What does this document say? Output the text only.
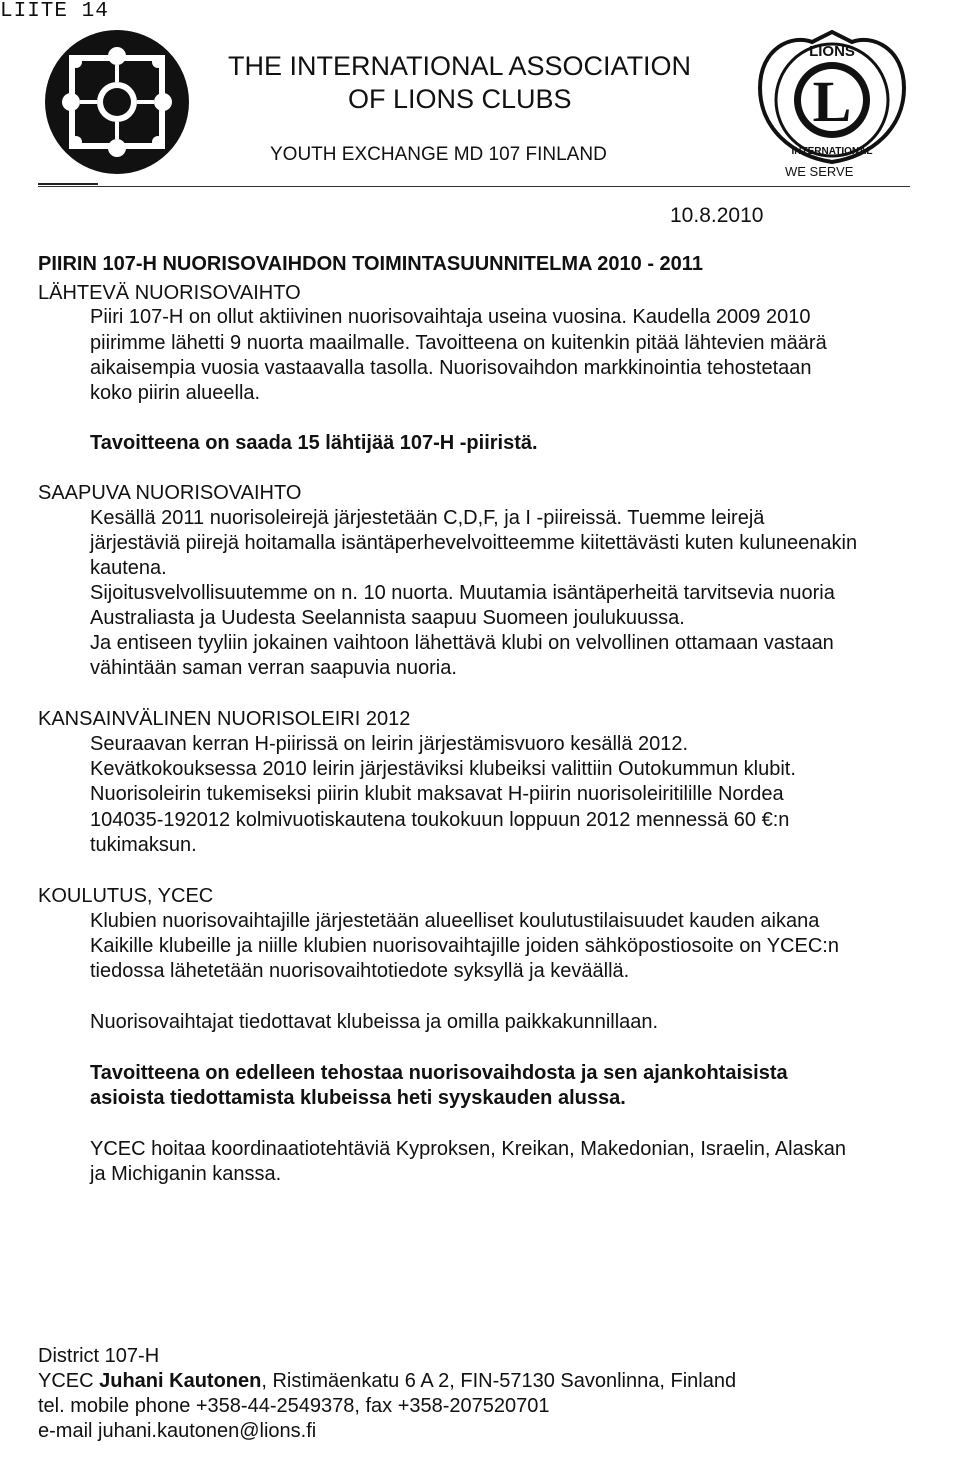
LIITE 14
THE INTERNATIONAL ASSOCIATION
OF LIONS CLUBS
YOUTH EXCHANGE MD 107 FINLAND
L
LIONS
INTERNATIONAL
WE SERVE
10.8.2010
PIIRIN 107-H NUORISOVAIHDON TOIMINTASUUNNITELMA 2010 - 2011
LÄHTEVÄ NUORISOVAIHTO
Piiri 107-H on ollut aktiivinen nuorisovaihtaja useina vuosina. Kaudella 2009 2010
piirimme lähetti 9 nuorta maailmalle. Tavoitteena on kuitenkin pitää lähtevien määrä
aikaisempia vuosia vastaavalla tasolla. Nuorisovaihdon markkinointia tehostetaan
koko piirin alueella.
Tavoitteena on saada 15 lähtijää 107-H -piiristä.
SAAPUVA NUORISOVAIHTO
Kesällä 2011 nuorisoleirejä järjestetään C,D,F, ja I -piireissä. Tuemme leirejä
järjestäviä piirejä hoitamalla isäntäperhevelvoitteemme kiitettävästi kuten kuluneenakin
kautena.
Sijoitusvelvollisuutemme on n. 10 nuorta. Muutamia isäntäperheitä tarvitsevia nuoria
Australiasta ja Uudesta Seelannista saapuu Suomeen joulukuussa.
Ja entiseen tyyliin jokainen vaihtoon lähettävä klubi on velvollinen ottamaan vastaan
vähintään saman verran saapuvia nuoria.
KANSAINVÄLINEN NUORISOLEIRI 2012
Seuraavan kerran H-piirissä on leirin järjestämisvuoro kesällä 2012.
Kevätkokouksessa 2010 leirin järjestäviksi klubeiksi valittiin Outokummun klubit.
Nuorisoleirin tukemiseksi piirin klubit maksavat H-piirin nuorisoleiritilille Nordea
104035-192012 kolmivuotiskautena toukokuun loppuun 2012 mennessä 60 €:n
tukimaksun.
KOULUTUS, YCEC
Klubien nuorisovaihtajille järjestetään alueelliset koulutustilaisuudet kauden aikana
Kaikille klubeille ja niille klubien nuorisovaihtajille joiden sähköpostiosoite on YCEC:n
tiedossa lähetetään nuorisovaihtotiedote syksyllä ja keväällä.
Nuorisovaihtajat tiedottavat klubeissa ja omilla paikkakunnillaan.
Tavoitteena on edelleen tehostaa nuorisovaihdosta ja sen ajankohtaisista
asioista tiedottamista klubeissa heti syyskauden alussa.
YCEC hoitaa koordinaatiotehtäviä Kyproksen, Kreikan, Makedonian, Israelin, Alaskan
ja Michiganin kanssa.
District 107-H
YCEC Juhani Kautonen, Ristimäenkatu 6 A 2, FIN-57130 Savonlinna, Finland
tel. mobile phone +358-44-2549378, fax +358-207520701
e-mail juhani.kautonen@lions.fi
